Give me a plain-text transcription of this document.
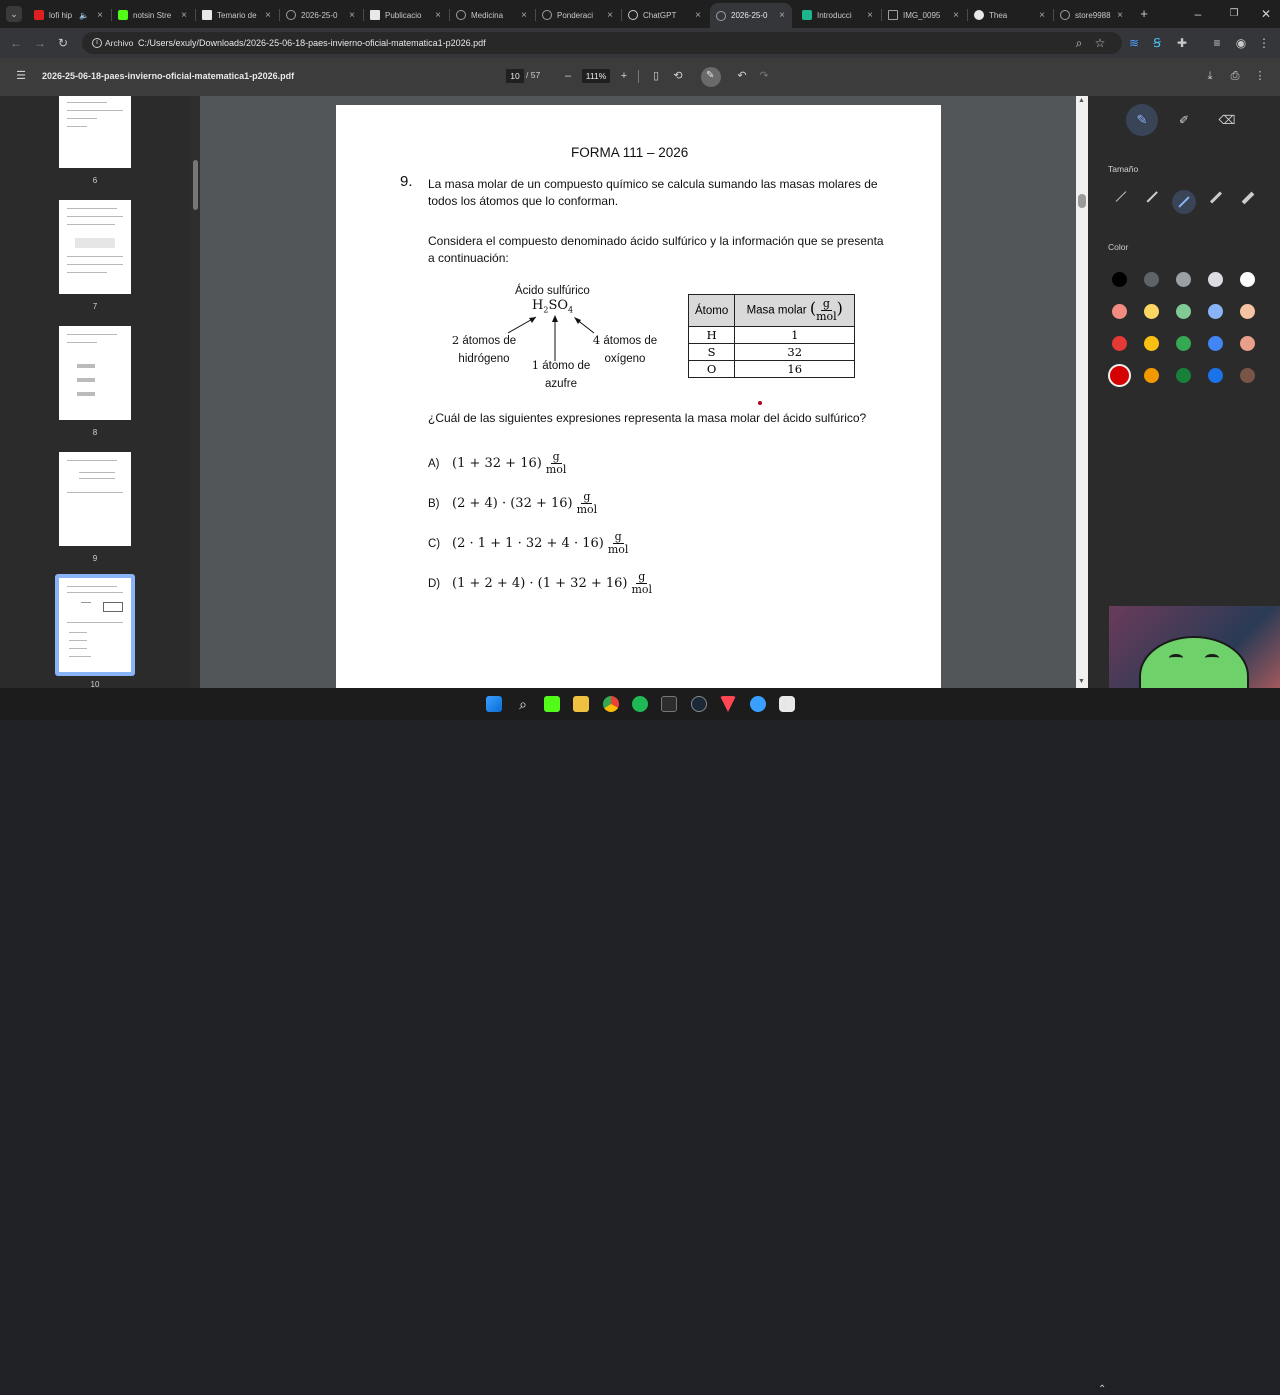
⌄	lofi hip 🔈 ×	notsin Stre ×	Temario de ×	2026-25-0	×	Publicacio	×	Medicina	×	Ponderaci	×	ChatGPT	×	2026-25-0	×	Introducci	×	IMG_0095	×	Thea	×	store9988 ×	+	–	❐ ✕
← → ↻	i Archivo C:/Users/exuly/Downloads/2026-25-06-18-paes-invierno-oficial-matematica1-p2026.pdf	⌕	☆ ≋	Ꞩ	✚	≡	◉ ⋮
☰	2026-25-06-18-paes-invierno-oficial-matematica1-p2026.pdf	10 / 57	–	111%	+	▯	⟲	✎	↶	↷	⤓	⎙	⋮
6
7
8
9
10
FORMA 111 – 2026
9. La masa molar de un compuesto químico se calcula sumando las masas molares de
todos los átomos que lo conforman.
Considera el compuesto denominado ácido sulfúrico y la información que se presenta
a continuación:
Ácido sulfúrico
$H_2SO_4$
2 átomos de
hidrógeno	1 átomo de
azufre
4 átomos de
oxígeno
Átomo	Masa molar ( $\frac{g}{\text{mol}}$ )
H	1
S	32
O	16
¿Cuál de las siguientes expresiones representa la masa molar del ácido sulfúrico?
A) $(1 + 32 + 16) \frac{g}{\text{mol}}$
B) $(2 + 4) \cdot (32 + 16) \frac{g}{\text{mol}}$
C) $(2 \cdot 1 + 1 \cdot 32 + 4 \cdot 16) \frac{g}{\text{mol}}$
D) $(1 + 2 + 4) \cdot (1 + 32 + 16) \frac{g}{\text{mol}}$
▲
▼
✎	✐	⌫
Tamaño
Color
⌕
⌃
